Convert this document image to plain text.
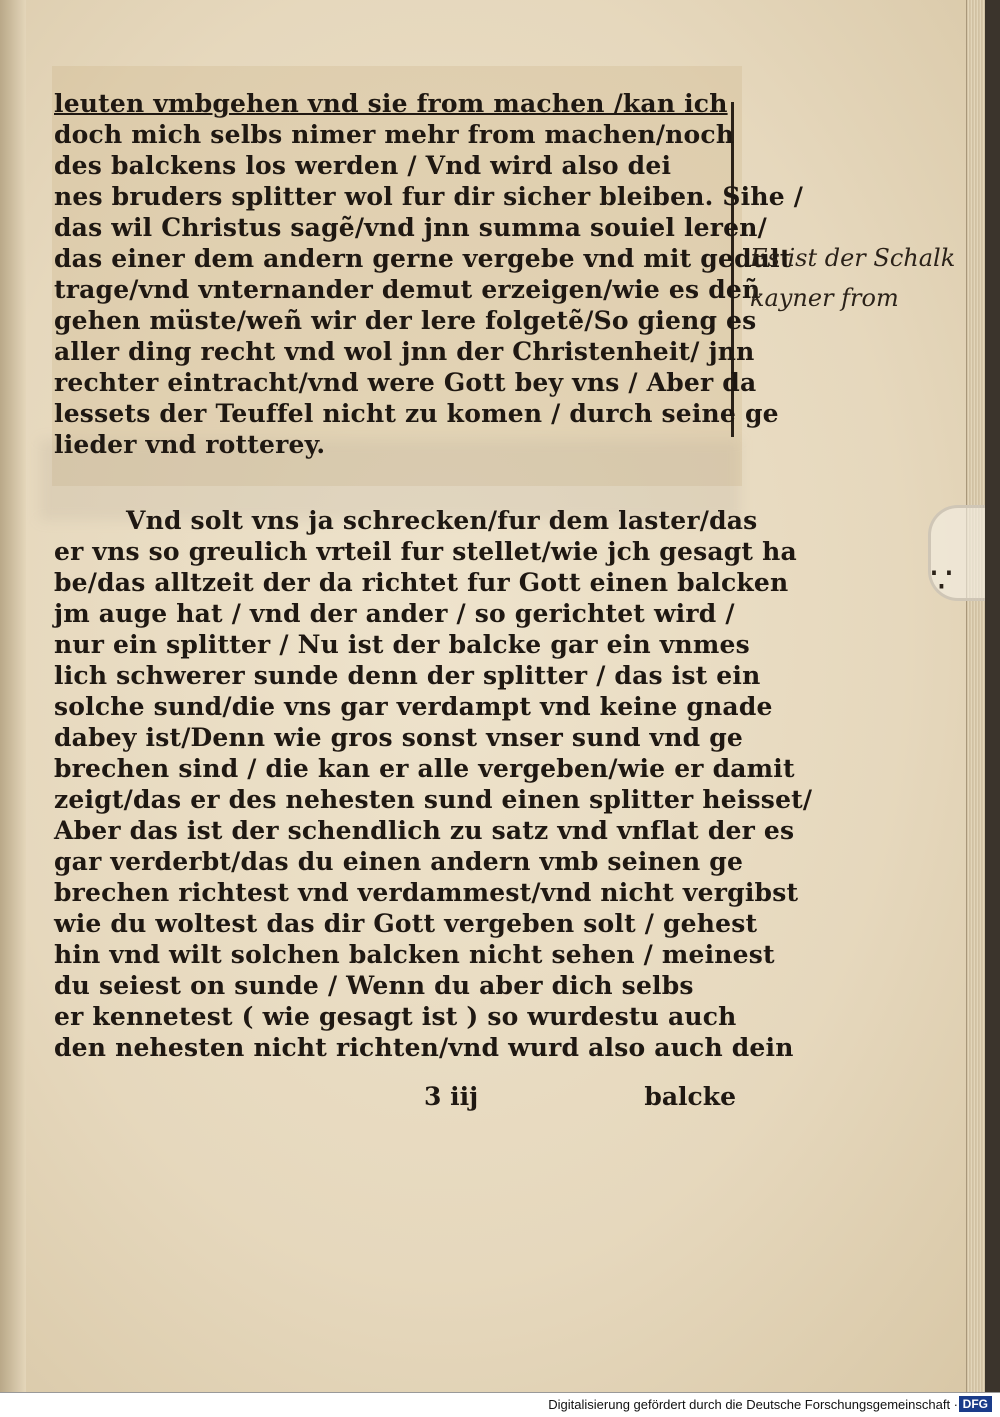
leuten vmbgehen vnd sie from machen /kan ich
doch mich selbs nimer mehr from machen/noch
des balckens los werden / Vnd wird also dei
nes bruders splitter wol fur dir sicher bleiben. Sihe /
das wil Christus sagẽ/vnd jnn summa souiel leren/
das einer dem andern gerne vergebe vnd mit gedult
trage/vnd vnternander demut erzeigen/wie es deñ
gehen müste/weñ wir der lere folgetẽ/So gieng es
aller ding recht vnd wol jnn der Christenheit/ jnn
rechter eintracht/vnd were Gott bey vns / Aber da
lessets der Teuffel nicht zu komen / durch seine ge
lieder vnd rotterey.
Vnd solt vns ja schrecken/fur dem laster/das
er vns so greulich vrteil fur stellet/wie jch gesagt ha
be/das alltzeit der da richtet fur Gott einen balcken
jm auge hat / vnd der ander / so gerichtet wird /
nur ein splitter / Nu ist der balcke gar ein vnmes
lich schwerer sunde denn der splitter / das ist ein
solche sund/die vns gar verdampt vnd keine gnade
dabey ist/Denn wie gros sonst vnser sund vnd ge
brechen sind / die kan er alle vergeben/wie er damit
zeigt/das er des nehesten sund einen splitter heisset/
Aber das ist der schendlich zu satz vnd vnflat der es
gar verderbt/das du einen andern vmb seinen ge
brechen richtest vnd verdammest/vnd nicht vergibst
wie du woltest das dir Gott vergeben solt / gehest
hin vnd wilt solchen balcken nicht sehen / meinest
du seiest on sunde / Wenn du aber dich selbs
er kennetest ( wie gesagt ist ) so wurdestu auch
den nehesten nicht richten/vnd wurd also auch dein
3 iij	balcke
Es ist der Schalk
kayner from
∵
Digitalisierung gefördert durch die Deutsche Forschungsgemeinschaft · DFG
